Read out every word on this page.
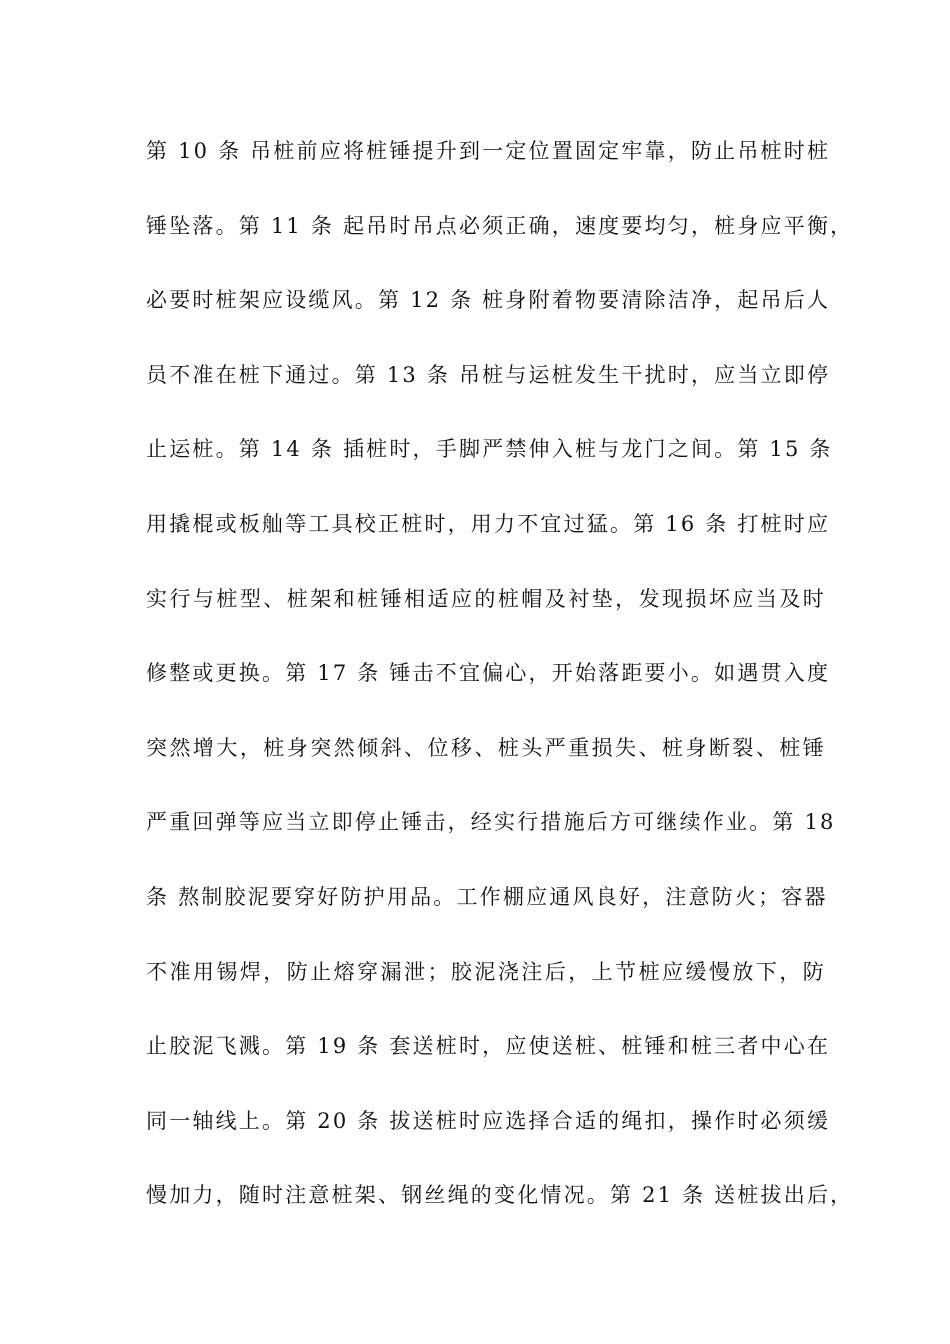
第 10 条 吊桩前应将桩锤提升到一定位置固定牢靠，防止吊桩时桩
锤坠落。第 11 条 起吊时吊点必须正确，速度要均匀，桩身应平衡，
必要时桩架应设缆风。第 12 条 桩身附着物要清除洁净，起吊后人
员不准在桩下通过。第 13 条 吊桩与运桩发生干扰时，应当立即停
止运桩。第 14 条 插桩时，手脚严禁伸入桩与龙门之间。第 15 条
用撬棍或板舢等工具校正桩时，用力不宜过猛。第 16 条 打桩时应
实行与桩型、桩架和桩锤相适应的桩帽及衬垫，发现损坏应当及时
修整或更换。第 17 条 锤击不宜偏心，开始落距要小。如遇贯入度
突然增大，桩身突然倾斜、位移、桩头严重损失、桩身断裂、桩锤
严重回弹等应当立即停止锤击，经实行措施后方可继续作业。第 18
条 熬制胶泥要穿好防护用品。工作棚应通风良好，注意防火；容器
不准用锡焊，防止熔穿漏泄；胶泥浇注后，上节桩应缓慢放下，防
止胶泥飞溅。第 19 条 套送桩时，应使送桩、桩锤和桩三者中心在
同一轴线上。第 20 条 拔送桩时应选择合适的绳扣，操作时必须缓
慢加力，随时注意桩架、钢丝绳的变化情况。第 21 条 送桩拔出后，
